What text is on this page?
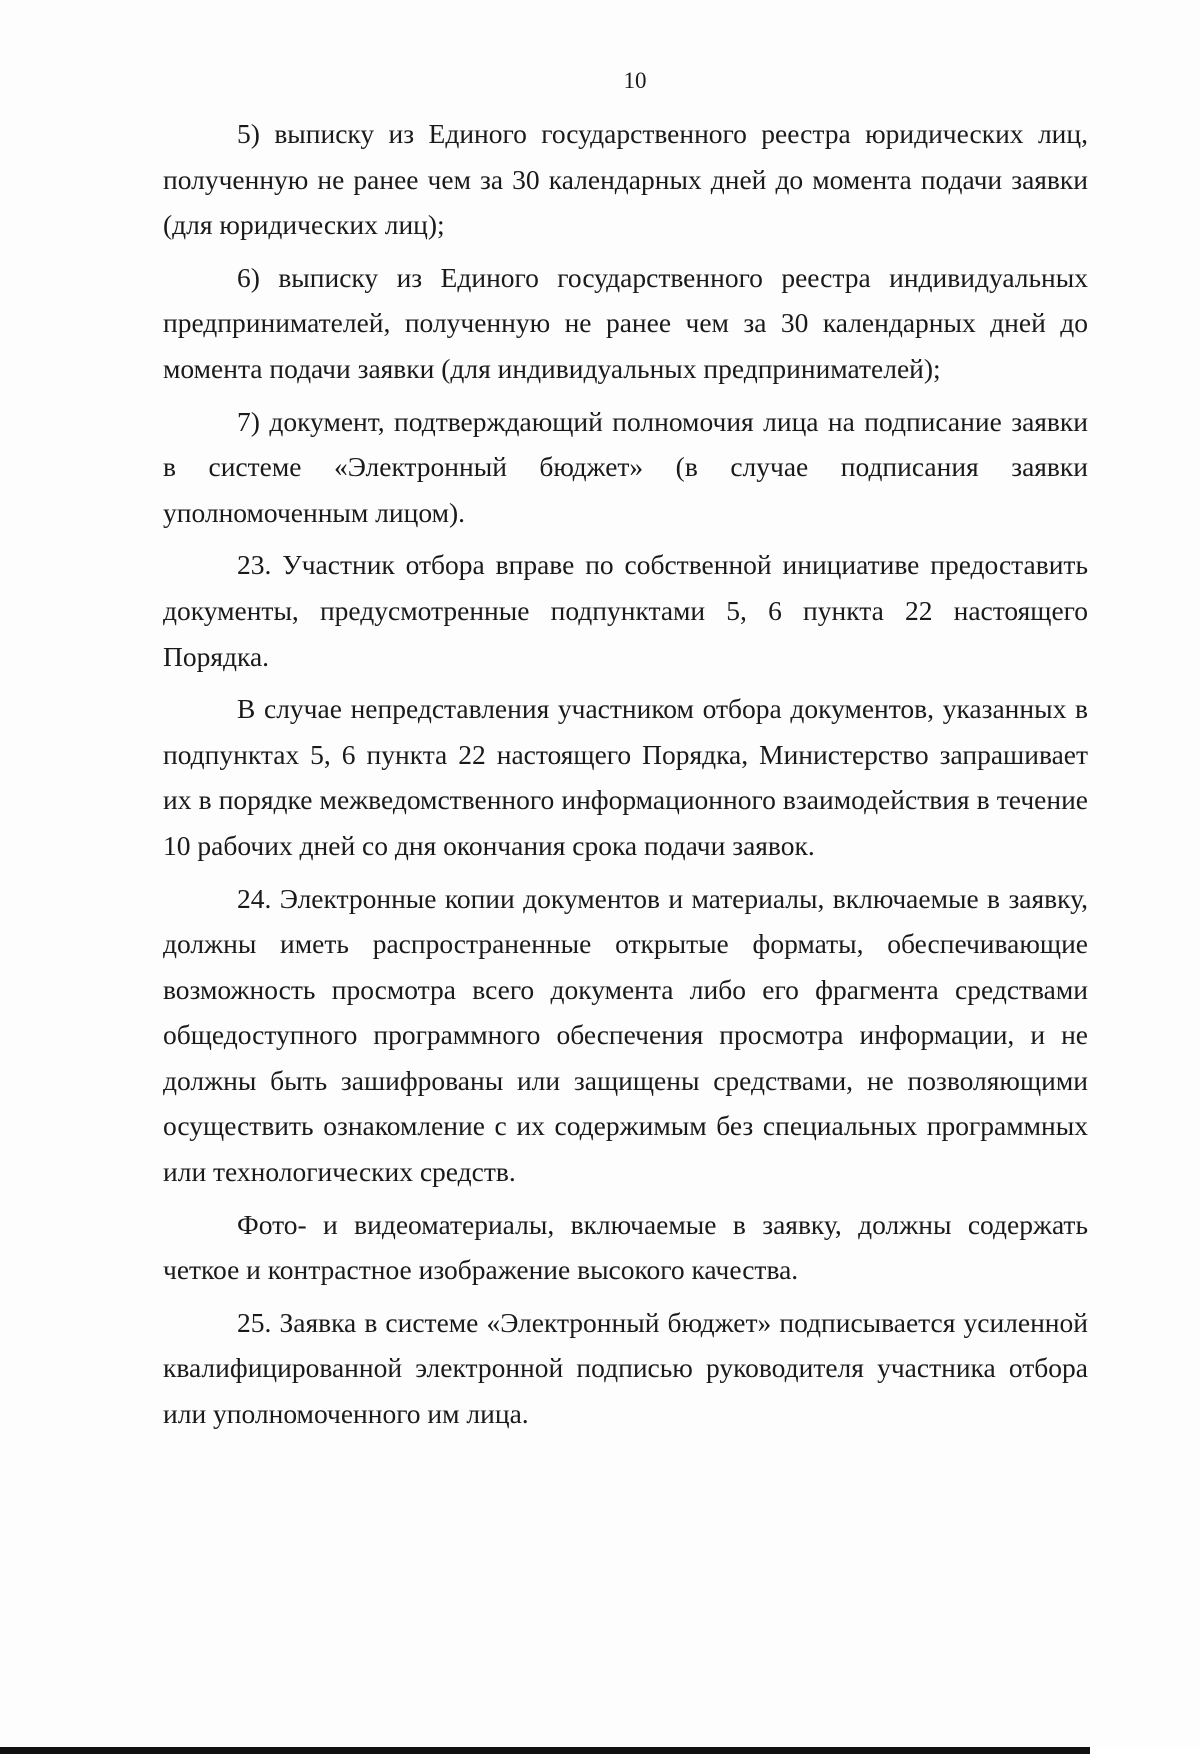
10

5) выписку из Единого государственного реестра юридических лиц, полученную не ранее чем за 30 календарных дней до момента подачи заявки (для юридических лиц);

6) выписку из Единого государственного реестра индивидуальных предпринимателей, полученную не ранее чем за 30 календарных дней до момента подачи заявки (для индивидуальных предпринимателей);

7) документ, подтверждающий полномочия лица на подписание заявки в системе «Электронный бюджет» (в случае подписания заявки уполномоченным лицом).

23. Участник отбора вправе по собственной инициативе предоставить документы, предусмотренные подпунктами 5, 6 пункта 22 настоящего Порядка.

В случае непредставления участником отбора документов, указанных в подпунктах 5, 6 пункта 22 настоящего Порядка, Министерство запрашивает их в порядке межведомственного информационного взаимодействия в течение 10 рабочих дней со дня окончания срока подачи заявок.

24. Электронные копии документов и материалы, включаемые в заявку, должны иметь распространенные открытые форматы, обеспечивающие возможность просмотра всего документа либо его фрагмента средствами общедоступного программного обеспечения просмотра информации, и не должны быть зашифрованы или защищены средствами, не позволяющими осуществить ознакомление с их содержимым без специальных программных или технологических средств.

Фото- и видеоматериалы, включаемые в заявку, должны содержать четкое и контрастное изображение высокого качества.

25. Заявка в системе «Электронный бюджет» подписывается усиленной квалифицированной электронной подписью руководителя участника отбора или уполномоченного им лица.
